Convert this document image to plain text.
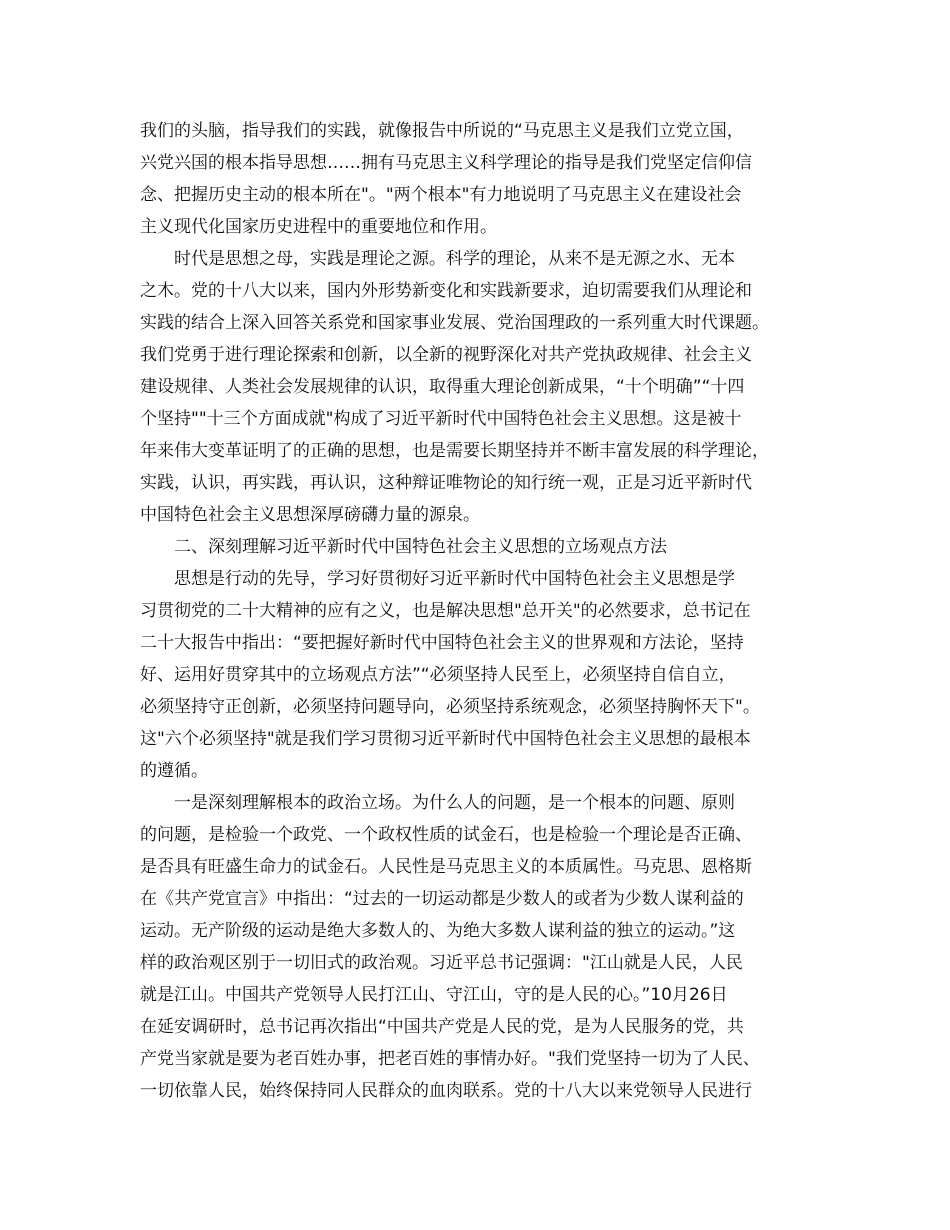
我们的头脑，指导我们的实践，就像报告中所说的“马克思主义是我们立党立国，
兴党兴国的根本指导思想……拥有马克思主义科学理论的指导是我们党坚定信仰信
念、把握历史主动的根本所在"。"两个根本"有力地说明了马克思主义在建设社会
主义现代化国家历史进程中的重要地位和作用。
　　时代是思想之母，实践是理论之源。科学的理论，从来不是无源之水、无本
之木。党的十八大以来，国内外形势新变化和实践新要求，迫切需要我们从理论和
实践的结合上深入回答关系党和国家事业发展、党治国理政的一系列重大时代课题。
我们党勇于进行理论探索和创新，以全新的视野深化对共产党执政规律、社会主义
建设规律、人类社会发展规律的认识，取得重大理论创新成果，“十个明确”“十四
个坚持""十三个方面成就"构成了习近平新时代中国特色社会主义思想。这是被十
年来伟大变革证明了的正确的思想，也是需要长期坚持并不断丰富发展的科学理论，
实践，认识，再实践，再认识，这种辩证唯物论的知行统一观，正是习近平新时代
中国特色社会主义思想深厚磅礴力量的源泉。
　　二、深刻理解习近平新时代中国特色社会主义思想的立场观点方法
　　思想是行动的先导，学习好贯彻好习近平新时代中国特色社会主义思想是学
习贯彻党的二十大精神的应有之义，也是解决思想"总开关"的必然要求，总书记在
二十大报告中指出：“要把握好新时代中国特色社会主义的世界观和方法论，坚持
好、运用好贯穿其中的立场观点方法”“必须坚持人民至上，必须坚持自信自立，
必须坚持守正创新，必须坚持问题导向，必须坚持系统观念，必须坚持胸怀天下"。
这"六个必须坚持"就是我们学习贯彻习近平新时代中国特色社会主义思想的最根本
的遵循。
　　一是深刻理解根本的政治立场。为什么人的问题，是一个根本的问题、原则
的问题，是检验一个政党、一个政权性质的试金石，也是检验一个理论是否正确、
是否具有旺盛生命力的试金石。人民性是马克思主义的本质属性。马克思、恩格斯
在《共产党宣言》中指出：“过去的一切运动都是少数人的或者为少数人谋利益的
运动。无产阶级的运动是绝大多数人的、为绝大多数人谋利益的独立的运动。”这
样的政治观区别于一切旧式的政治观。习近平总书记强调："江山就是人民，人民
就是江山。中国共产党领导人民打江山、守江山，守的是人民的心。”10月26日
在延安调研时，总书记再次指出“中国共产党是人民的党，是为人民服务的党，共
产党当家就是要为老百姓办事，把老百姓的事情办好。"我们党坚持一切为了人民、
一切依靠人民，始终保持同人民群众的血肉联系。党的十八大以来党领导人民进行
